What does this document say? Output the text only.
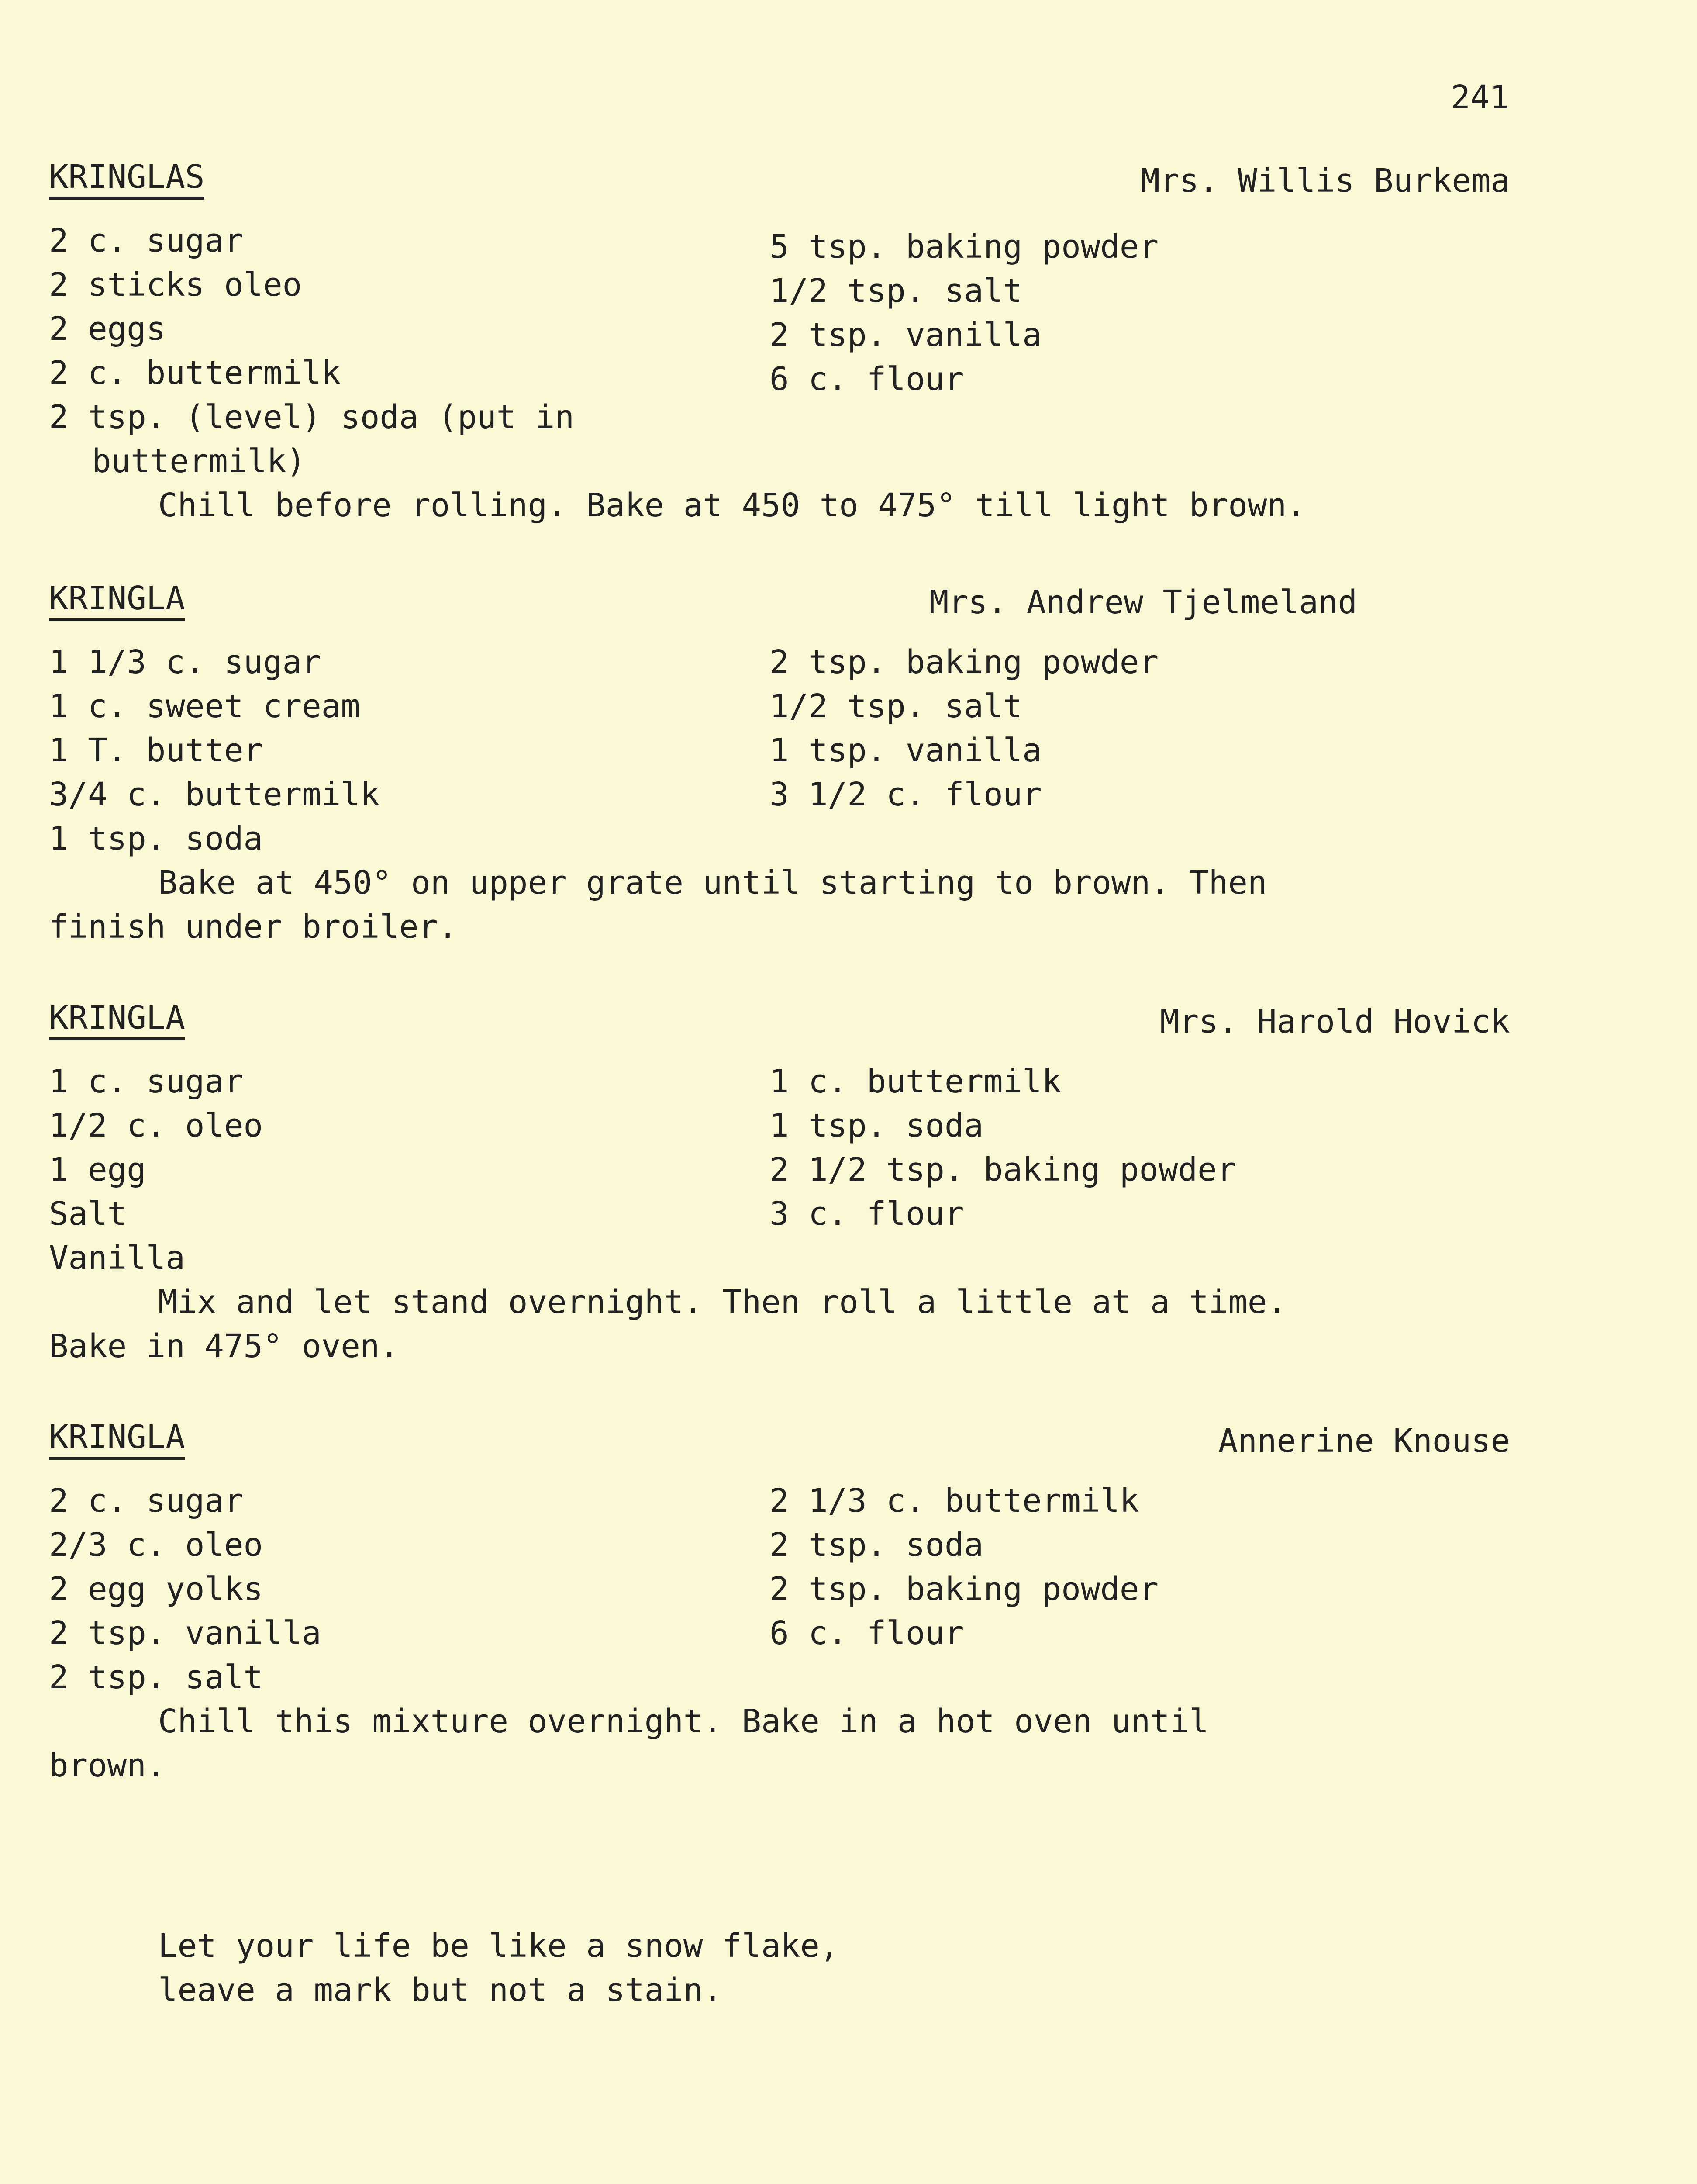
241
KRINGLAS	Mrs. Willis Burkema
2 c. sugar
2 sticks oleo
2 eggs
2 c. buttermilk
2 tsp. (level) soda (put in
buttermilk)
5 tsp. baking powder
1/2 tsp. salt
2 tsp. vanilla
6 c. flour
Chill before rolling. Bake at 450 to 475° till light brown.
KRINGLA	Mrs. Andrew Tjelmeland
1 1/3 c. sugar
1 c. sweet cream
1 T. butter
3/4 c. buttermilk
1 tsp. soda
2 tsp. baking powder
1/2 tsp. salt
1 tsp. vanilla
3 1/2 c. flour
Bake at 450° on upper grate until starting to brown. Then
finish under broiler.
KRINGLA	Mrs. Harold Hovick
1 c. sugar
1/2 c. oleo
1 egg
Salt
Vanilla
1 c. buttermilk
1 tsp. soda
2 1/2 tsp. baking powder
3 c. flour
Mix and let stand overnight. Then roll a little at a time.
Bake in 475° oven.
KRINGLA	Annerine Knouse
2 c. sugar
2/3 c. oleo
2 egg yolks
2 tsp. vanilla
2 tsp. salt
2 1/3 c. buttermilk
2 tsp. soda
2 tsp. baking powder
6 c. flour
Chill this mixture overnight. Bake in a hot oven until
brown.
Let your life be like a snow flake,
leave a mark but not a stain.
